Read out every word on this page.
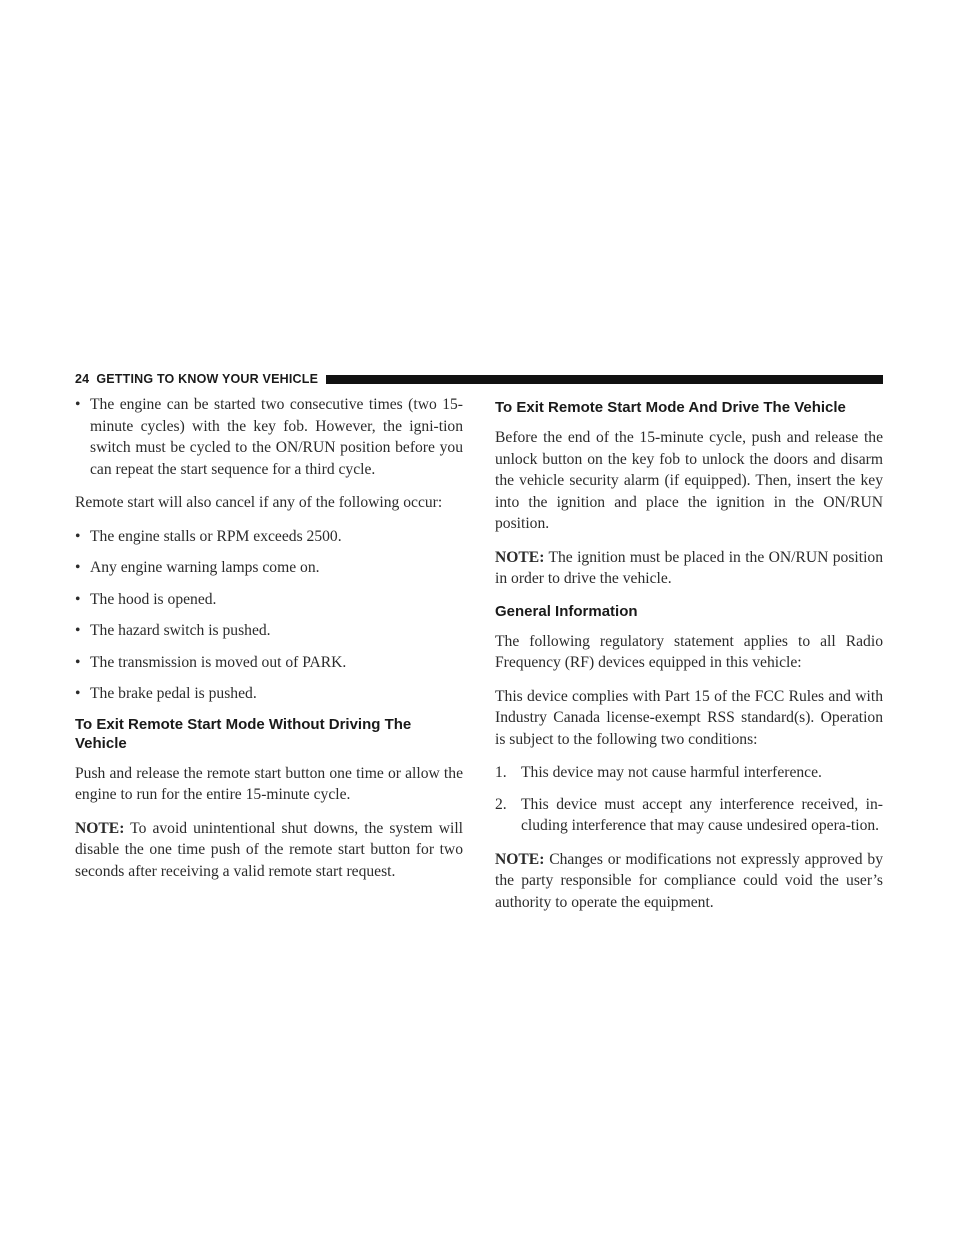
24 GETTING TO KNOW YOUR VEHICLE
• The engine can be started two consecutive times (two 15-minute cycles) with the key fob. However, the igni-tion switch must be cycled to the ON/RUN position before you can repeat the start sequence for a third cycle.

Remote start will also cancel if any of the following occur:

• The engine stalls or RPM exceeds 2500.
• Any engine warning lamps come on.
• The hood is opened.
• The hazard switch is pushed.
• The transmission is moved out of PARK.
• The brake pedal is pushed.
To Exit Remote Start Mode Without Driving The Vehicle

Push and release the remote start button one time or allow the engine to run for the entire 15-minute cycle.

NOTE: To avoid unintentional shut downs, the system will disable the one time push of the remote start button for two seconds after receiving a valid remote start request.

To Exit Remote Start Mode And Drive The Vehicle

Before the end of the 15-minute cycle, push and release the unlock button on the key fob to unlock the doors and disarm the vehicle security alarm (if equipped). Then, insert the key into the ignition and place the ignition in the ON/RUN position.

NOTE: The ignition must be placed in the ON/RUN position in order to drive the vehicle.

General Information

The following regulatory statement applies to all Radio Frequency (RF) devices equipped in this vehicle:

This device complies with Part 15 of the FCC Rules and with Industry Canada license-exempt RSS standard(s). Operation is subject to the following two conditions:

1. This device may not cause harmful interference.
2. This device must accept any interference received, in-cluding interference that may cause undesired opera-tion.

NOTE: Changes or modifications not expressly approved by the party responsible for compliance could void the user’s authority to operate the equipment.
